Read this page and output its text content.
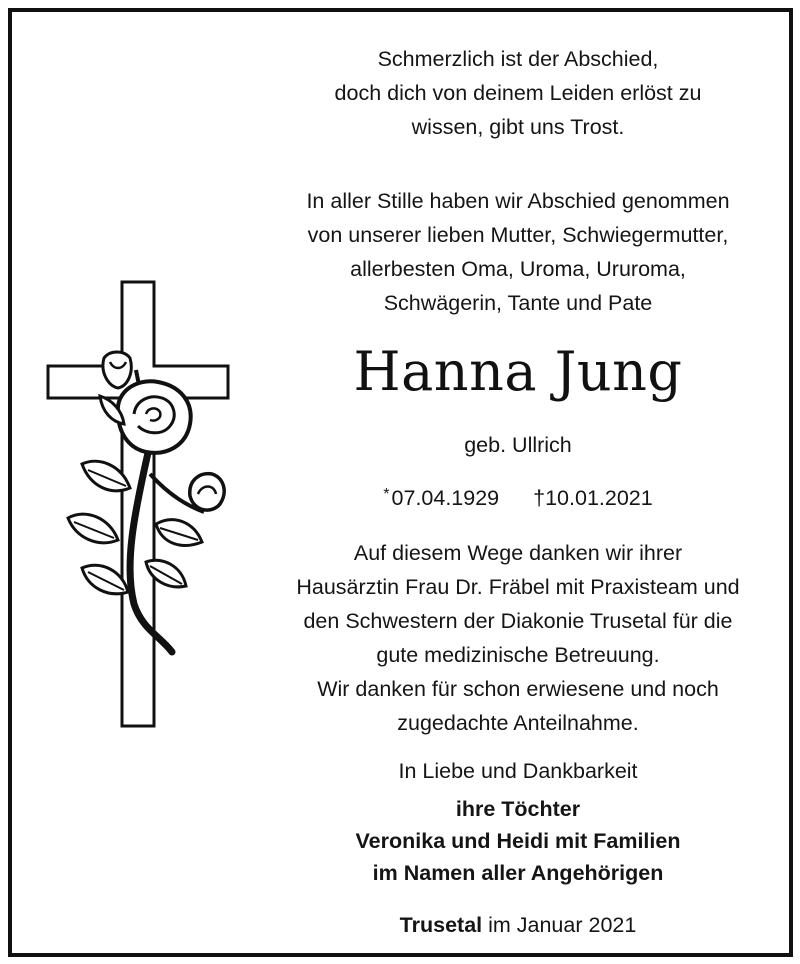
Schmerzlich ist der Abschied,
doch dich von deinem Leiden erlöst zu
wissen, gibt uns Trost.
In aller Stille haben wir Abschied genommen
von unserer lieben Mutter, Schwiegermutter,
allerbesten Oma, Uroma, Ururoma,
Schwägerin, Tante und Pate
Hanna Jung
geb. Ullrich
*07.04.1929 †10.01.2021
Auf diesem Wege danken wir ihrer
Hausärztin Frau Dr. Fräbel mit Praxisteam und
den Schwestern der Diakonie Trusetal für die
gute medizinische Betreuung.
Wir danken für schon erwiesene und noch
zugedachte Anteilnahme.
In Liebe und Dankbarkeit
ihre Töchter
Veronika und Heidi mit Familien
im Namen aller Angehörigen
Trusetal im Januar 2021
